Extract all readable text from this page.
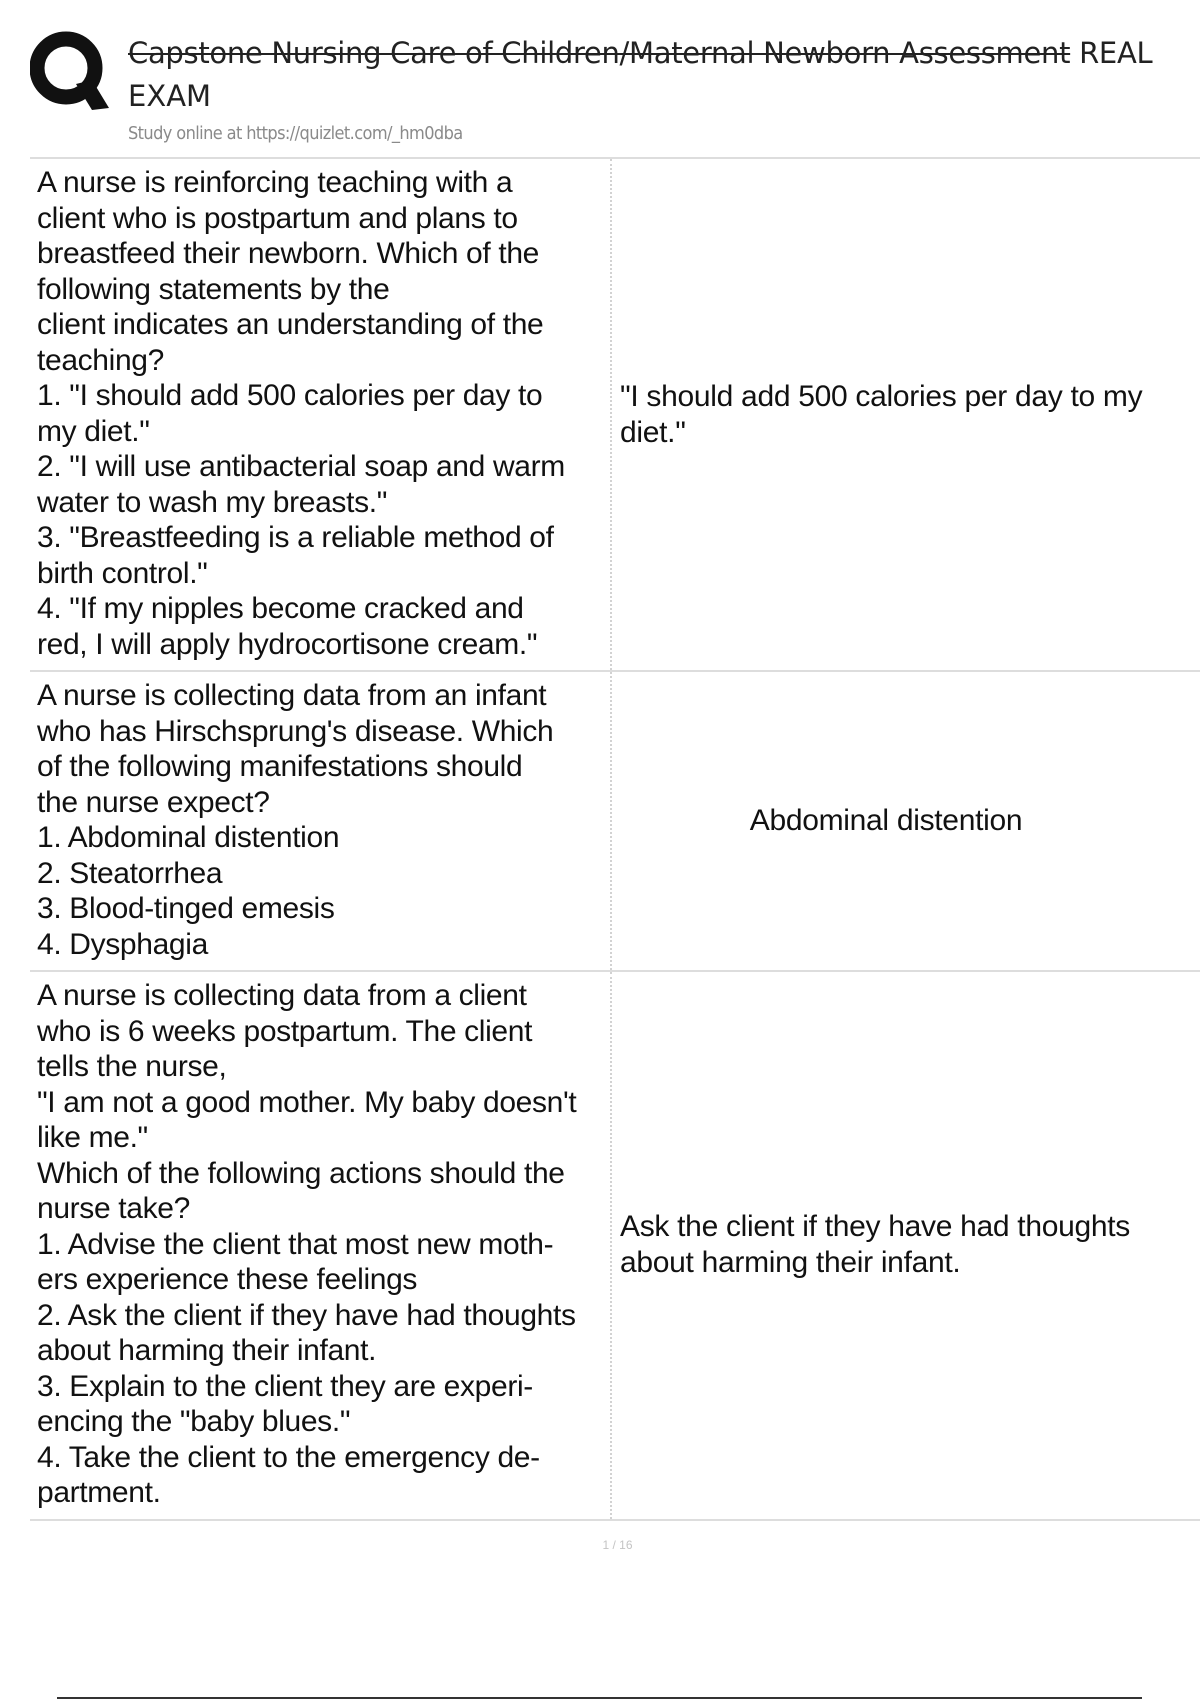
Capstone Nursing Care of Children/Maternal Newborn Assessment REAL
EXAM
Study online at https://quizlet.com/_hm0dba
A nurse is reinforcing teaching with a
client who is postpartum and plans to
breastfeed their newborn. Which of the
following statements by the
client indicates an understanding of the
teaching?
1. "I should add 500 calories per day to
my diet."
2. "I will use antibacterial soap and warm
water to wash my breasts."
3. "Breastfeeding is a reliable method of
birth control."
4. "If my nipples become cracked and
red, I will apply hydrocortisone cream."
"I should add 500 calories per day to my
diet."
A nurse is collecting data from an infant
who has Hirschsprung's disease. Which
of the following manifestations should
the nurse expect?
1. Abdominal distention
2. Steatorrhea
3. Blood-tinged emesis
4. Dysphagia
Abdominal distention
A nurse is collecting data from a client
who is 6 weeks postpartum. The client
tells the nurse,
"I am not a good mother. My baby doesn't
like me."
Which of the following actions should the
nurse take?
1. Advise the client that most new moth-
ers experience these feelings
2. Ask the client if they have had thoughts
about harming their infant.
3. Explain to the client they are experi-
encing the "baby blues."
4. Take the client to the emergency de-
partment.
Ask the client if they have had thoughts
about harming their infant.
1 / 16
